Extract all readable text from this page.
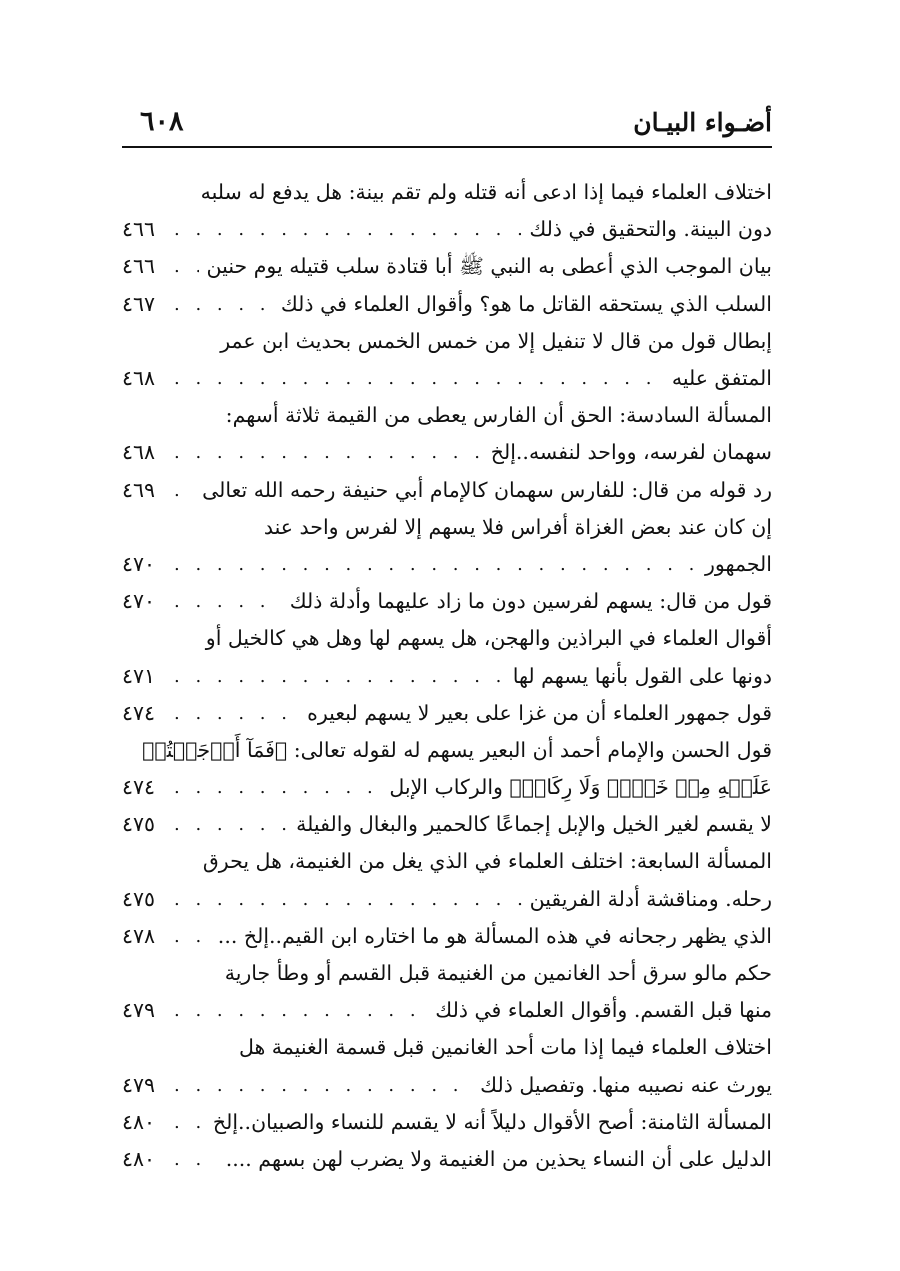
أضـواء البيـان
٦٠٨
اختلاف العلماء فيما إذا ادعى أنه قتله ولم تقم بينة: هل يدفع له سلبه
دون البينة. والتحقيق في ذلك
. . .
٤٦٦
بيان الموجب الذي أعطى به النبي ﷺ أبا قتادة سلب قتيله يوم حنين
. . .
٤٦٦
السلب الذي يستحقه القاتل ما هو؟ وأقوال العلماء في ذلك
. . .
٤٦٧
إبطال قول من قال لا تنفيل إلا من خمس الخمس بحديث ابن عمر
المتفق عليه
. . .
٤٦٨
المسألة السادسة: الحق أن الفارس يعطى من القيمة ثلاثة أسهم:
سهمان لفرسه، وواحد لنفسه..إلخ
. . .
٤٦٨
رد قوله من قال: للفارس سهمان كالإمام أبي حنيفة رحمه الله تعالى
. . .
٤٦٩
إن كان عند بعض الغزاة أفراس فلا يسهم إلا لفرس واحد عند
الجمهور
. . .
٤٧٠
قول من قال: يسهم لفرسين دون ما زاد عليهما وأدلة ذلك
. . .
٤٧٠
أقوال العلماء في البراذين والهجن، هل يسهم لها وهل هي كالخيل أو
دونها على القول بأنها يسهم لها
. . .
٤٧١
قول جمهور العلماء أن من غزا على بعير لا يسهم لبعيره
. . .
٤٧٤
قول الحسن والإمام أحمد أن البعير يسهم له لقوله تعالى: ﴿فَمَآ أَوۡجَفۡتُمۡ
عَلَيۡهِ مِنۡ خَيۡلٖ وَلَا رِكَابٖ﴾ والركاب الإبل
. . .
٤٧٤
لا يقسم لغير الخيل والإبل إجماعًا كالحمير والبغال والفيلة
. . .
٤٧٥
المسألة السابعة: اختلف العلماء في الذي يغل من الغنيمة، هل يحرق
رحله. ومناقشة أدلة الفريقين
. . .
٤٧٥
الذي يظهر رجحانه في هذه المسألة هو ما اختاره ابن القيم..إلخ ...
. . .
٤٧٨
حكم مالو سرق أحد الغانمين من الغنيمة قبل القسم أو وطأ جارية
منها قبل القسم. وأقوال العلماء في ذلك
. . .
٤٧٩
اختلاف العلماء فيما إذا مات أحد الغانمين قبل قسمة الغنيمة هل
يورث عنه نصيبه منها. وتفصيل ذلك
. . .
٤٧٩
المسألة الثامنة: أصح الأقوال دليلاً أنه لا يقسم للنساء والصبيان..إلخ
. . .
٤٨٠
الدليل على أن النساء يحذين من الغنيمة ولا يضرب لهن بسهم ....
. . .
٤٨٠
